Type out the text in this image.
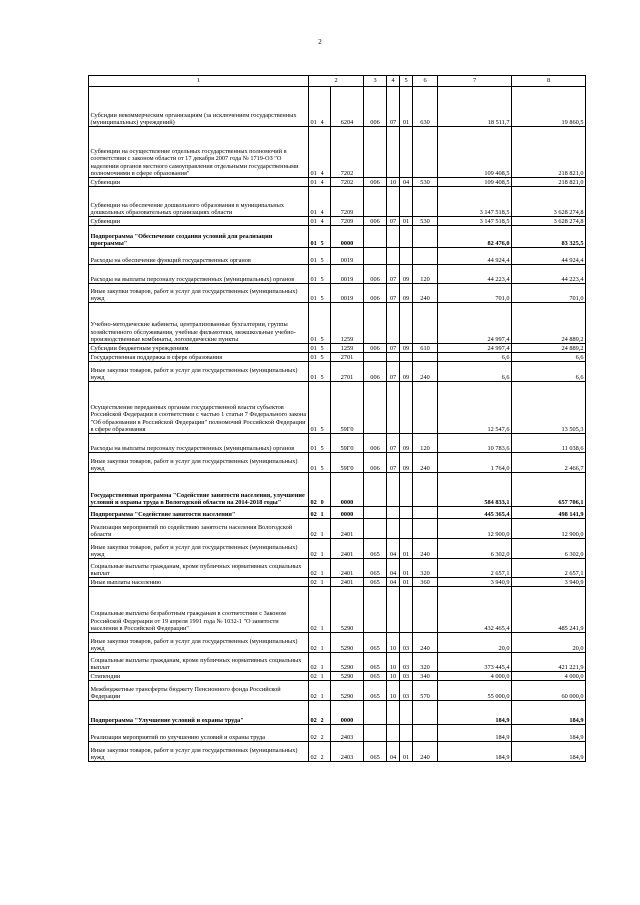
2
1	2			3	4	5	6	7	8
Субсидии некоммерческим организациям (за исключением государственных (муниципальных) учреждений)	01	4	6204	006	07	01	630	18 511,7	19 860,5
Субвенции на осуществление отдельных государственных полномочий в соответствии с законом области от 17 декабря 2007 года № 1719-ОЗ "О наделении органов местного самоуправления отдельными государственными полномочиями в сфере образования"	01	4	7202					109 408,5	218 821,0
Субвенции	01	4	7202	006	10	04	530	109 408,5	218 821,0
Субвенции на обеспечение дошкольного образования в муниципальных дошкольных образовательных организациях области	01	4	7209					3 147 518,5	3 628 274,8
Субвенции	01	4	7209	006	07	01	530	3 147 518,5	3 628 274,8
Подпрограмма "Обеспечение создания условий для реализации программы"	01	5	0000					82 476,0	83 325,5
Расходы на обеспечение функций государственных органов	01	5	0019					44 924,4	44 924,4
Расходы на выплаты персоналу государственных (муниципальных) органов	01	5	0019	006	07	09	120	44 223,4	44 223,4
Иные закупки товаров, работ и услуг для государственных (муниципальных) нужд	01	5	0019	006	07	09	240	701,0	701,0
Учебно-методические кабинеты, централизованные бухгалтерии, группы хозяйственного обслуживания, учебные фильмотеки, межшкольные учебно-производственные комбинаты, логопедические пункты	01	5	1259					24 997,4	24 889,2
Субсидии бюджетным учреждениям	01	5	1259	006	07	09	610	24 997,4	24 889,2
Государственная поддержка в сфере образования	01	5	2701					6,6	6,6
Иные закупки товаров, работ и услуг для государственных (муниципальных) нужд	01	5	2701	006	07	09	240	6,6	6,6
Осуществление переданных органам государственной власти субъектов Российской Федерации в соответствии с частью 1 статьи 7 Федерального закона "Об образовании в Российской Федерации" полномочий Российской Федерации в сфере образования	01	5	59Г0					12 547,6	13 505,3
Расходы на выплаты персоналу государственных (муниципальных) органов	01	5	59Г0	006	07	09	120	10 783,6	11 038,6
Иные закупки товаров, работ и услуг для государственных (муниципальных) нужд	01	5	59Г0	006	07	09	240	1 764,0	2 466,7
Государственная программа "Содействие занятости населения, улучшение условий и охраны труда в Вологодской области на 2014-2018 годы"	02	0	0000					584 833,1	657 706,1
Подпрограмма "Содействие занятости населения"	02	1	0000					445 365,4	498 141,9
Реализация мероприятий по содействию занятости населения Вологодской области	02	1	2401					12 900,0	12 900,0
Иные закупки товаров, работ и услуг для государственных (муниципальных) нужд	02	1	2401	065	04	01	240	6 302,0	6 302,0
Социальные выплаты гражданам, кроме публичных нормативных социальных выплат	02	1	2401	065	04	01	320	2 657,1	2 657,1
Иные выплаты населению	02	1	2401	065	04	01	360	3 940,9	3 940,9
Социальные выплаты безработным гражданам в соответствии с Законом Российской Федерации от 19 апреля 1991 года № 1032-1 "О занятости населения в Российской Федерации"	02	1	5290					432 465,4	485 241,9
Иные закупки товаров, работ и услуг для государственных (муниципальных) нужд	02	1	5290	065	10	03	240	20,0	20,0
Социальные выплаты гражданам, кроме публичных нормативных социальных выплат	02	1	5290	065	10	03	320	373 445,4	421 221,9
Стипендии	02	1	5290	065	10	03	340	4 000,0	4 000,0
Межбюджетные трансферты бюджету Пенсионного фонда Российской Федерации	02	1	5290	065	10	03	570	55 000,0	60 000,0
Подпрограмма "Улучшение условий и охраны труда"	02	2	0000					184,9	184,9
Реализация мероприятий по улучшению условий и охраны труда	02	2	2403					184,9	184,9
Иные закупки товаров, работ и услуг для государственных (муниципальных) нужд	02	2	2403	065	04	01	240	184,9	184,9
